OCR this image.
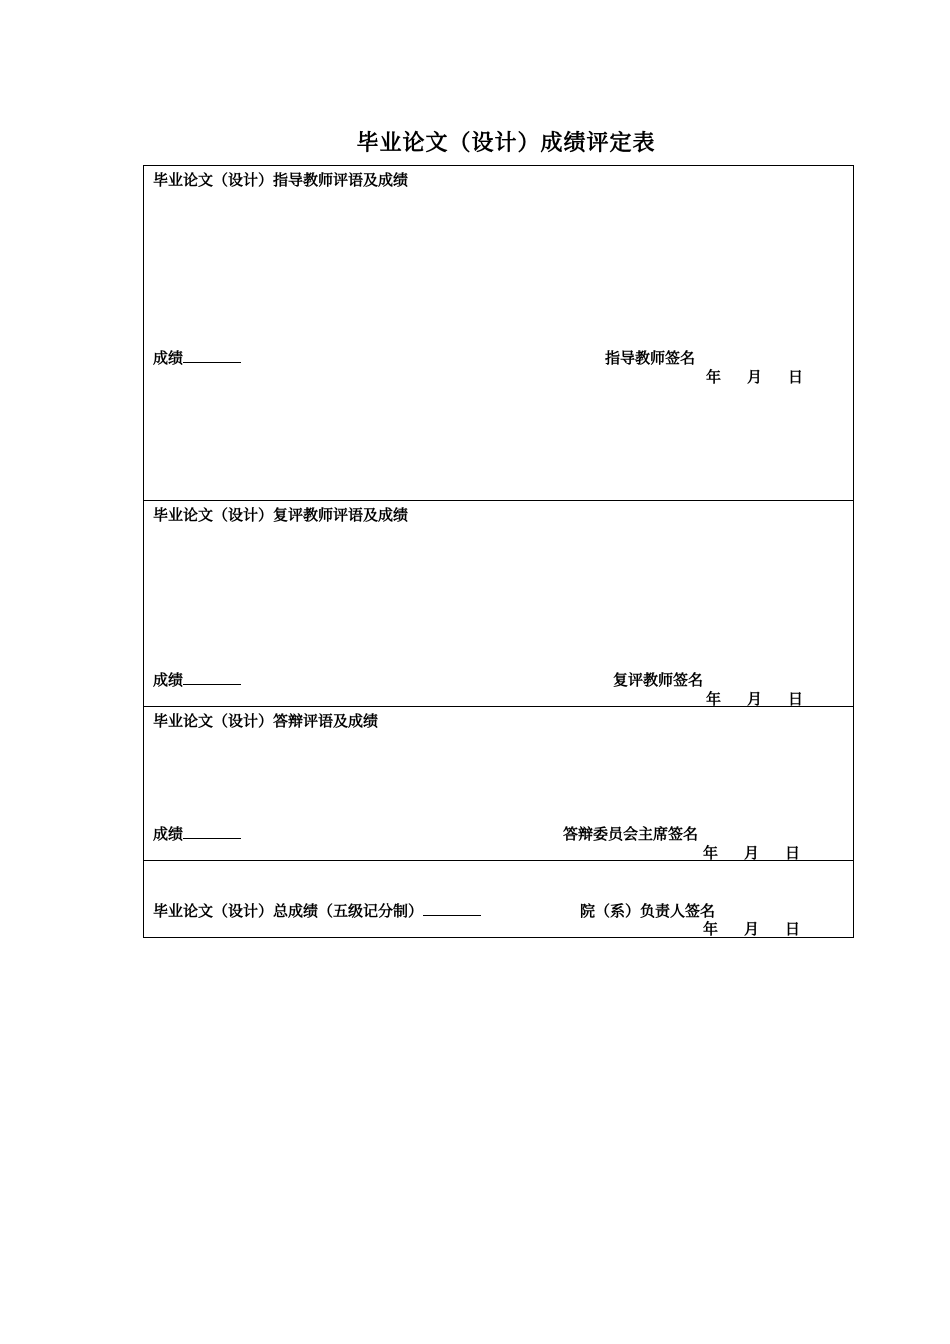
毕业论文（设计）成绩评定表
毕业论文（设计）指导教师评语及成绩
成绩	指导教师签名
年 月 日
毕业论文（设计）复评教师评语及成绩
成绩	复评教师签名
年 月 日
毕业论文（设计）答辩评语及成绩
成绩	答辩委员会主席签名
年 月 日
毕业论文（设计）总成绩（五级记分制）	院（系）负责人签名
年 月 日
